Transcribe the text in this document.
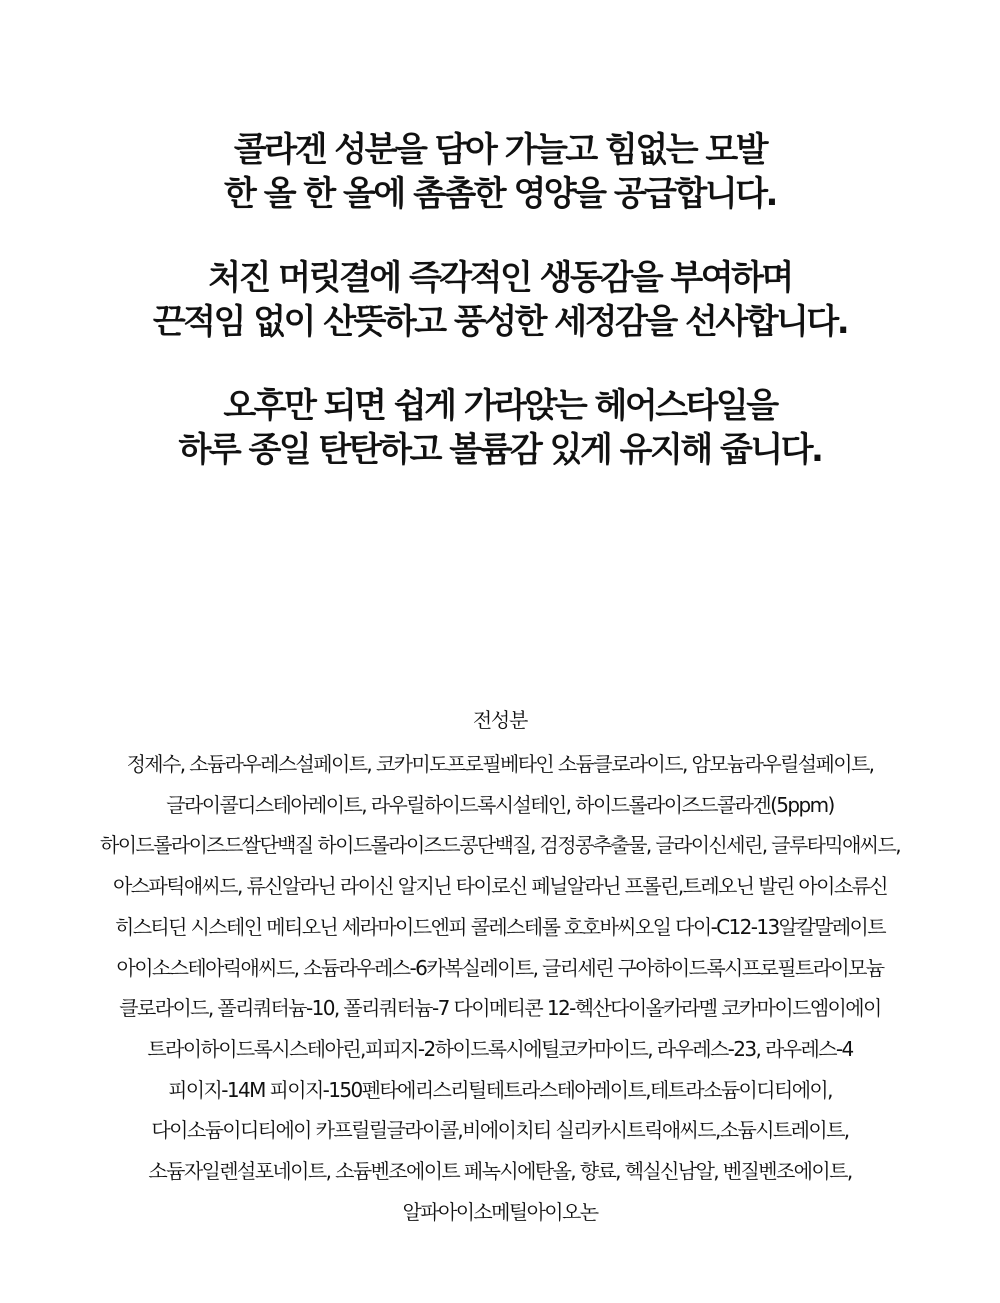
콜라겐 성분을 담아 가늘고 힘없는 모발
한 올 한 올에 촘촘한 영양을 공급합니다.
처진 머릿결에 즉각적인 생동감을 부여하며
끈적임 없이 산뜻하고 풍성한 세정감을 선사합니다.
오후만 되면 쉽게 가라앉는 헤어스타일을
하루 종일 탄탄하고 볼륨감 있게 유지해 줍니다.
전성분
정제수, 소듐라우레스설페이트, 코카미도프로필베타인 소듐클로라이드, 암모늄라우릴설페이트,
글라이콜디스테아레이트, 라우릴하이드록시설테인, 하이드롤라이즈드콜라겐(5ppm)
하이드롤라이즈드쌀단백질 하이드롤라이즈드콩단백질, 검정콩추출물, 글라이신세린, 글루타믹애씨드,
아스파틱애씨드, 류신알라닌 라이신 알지닌 타이로신 페닐알라닌 프롤린,트레오닌 발린 아이소류신
히스티딘 시스테인 메티오닌 세라마이드엔피 콜레스테롤 호호바씨오일 다이-C12-13알칼말레이트
아이소스테아릭애씨드, 소듐라우레스-6카복실레이트, 글리세린 구아하이드록시프로필트라이모늄
클로라이드, 폴리쿼터늄-10, 폴리쿼터늄-7 다이메티콘 12-헥산다이올카라멜 코카마이드엠이에이
트라이하이드록시스테아린,피피지-2하이드록시에틸코카마이드, 라우레스-23, 라우레스-4
피이지-14M 피이지-150펜타에리스리틸테트라스테아레이트,테트라소듐이디티에이,
다이소듐이디티에이 카프릴릴글라이콜,비에이치티 실리카시트릭애씨드,소듐시트레이트,
소듐자일렌설포네이트, 소듐벤조에이트 페녹시에탄올, 향료, 헥실신남알, 벤질벤조에이트,
알파아이소메틸아이오논
